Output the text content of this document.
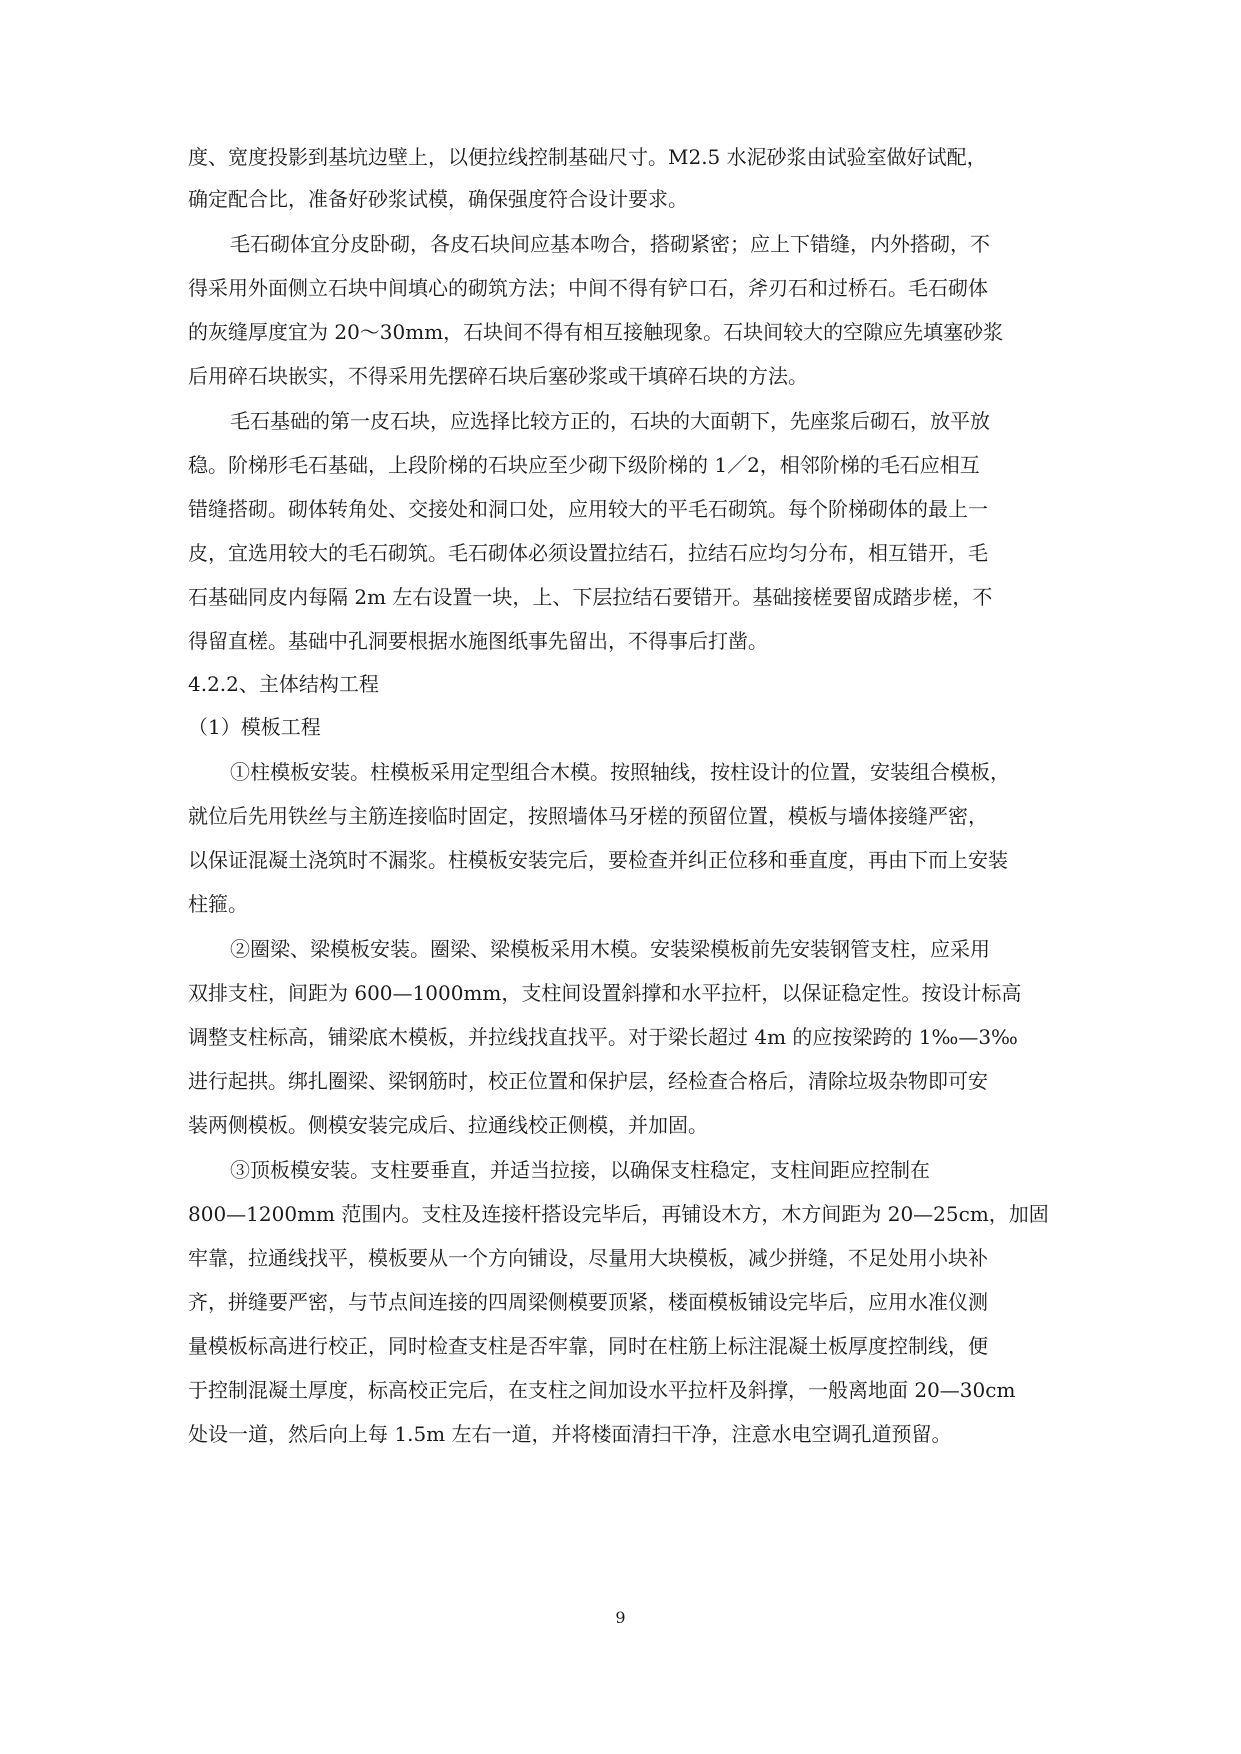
度、宽度投影到基坑边壁上，以便拉线控制基础尺寸。M2.5 水泥砂浆由试验室做好试配，
确定配合比，准备好砂浆试模，确保强度符合设计要求。
毛石砌体宜分皮卧砌，各皮石块间应基本吻合，搭砌紧密；应上下错缝，内外搭砌，不
得采用外面侧立石块中间填心的砌筑方法；中间不得有铲口石，斧刃石和过桥石。毛石砌体
的灰缝厚度宜为 20～30mm，石块间不得有相互接触现象。石块间较大的空隙应先填塞砂浆
后用碎石块嵌实，不得采用先摆碎石块后塞砂浆或干填碎石块的方法。
毛石基础的第一皮石块，应选择比较方正的，石块的大面朝下，先座浆后砌石，放平放
稳。阶梯形毛石基础，上段阶梯的石块应至少砌下级阶梯的 1／2，相邻阶梯的毛石应相互
错缝搭砌。砌体转角处、交接处和洞口处，应用较大的平毛石砌筑。每个阶梯砌体的最上一
皮，宜选用较大的毛石砌筑。毛石砌体必须设置拉结石，拉结石应均匀分布，相互错开，毛
石基础同皮内每隔 2m 左右设置一块，上、下层拉结石要错开。基础接槎要留成踏步槎，不
得留直槎。基础中孔洞要根据水施图纸事先留出，不得事后打凿。
4.2.2、主体结构工程
（1）模板工程
①柱模板安装。柱模板采用定型组合木模。按照轴线，按柱设计的位置，安装组合模板，
就位后先用铁丝与主筋连接临时固定，按照墙体马牙槎的预留位置，模板与墙体接缝严密，
以保证混凝土浇筑时不漏浆。柱模板安装完后，要检查并纠正位移和垂直度，再由下而上安装
柱箍。
②圈梁、梁模板安装。圈梁、梁模板采用木模。安装梁模板前先安装钢管支柱，应采用
双排支柱，间距为 600—1000mm，支柱间设置斜撑和水平拉杆，以保证稳定性。按设计标高
调整支柱标高，铺梁底木模板，并拉线找直找平。对于梁长超过 4m 的应按梁跨的 1‰—3‰
进行起拱。绑扎圈梁、梁钢筋时，校正位置和保护层，经检查合格后，清除垃圾杂物即可安
装两侧模板。侧模安装完成后、拉通线校正侧模，并加固。
③顶板模安装。支柱要垂直，并适当拉接，以确保支柱稳定，支柱间距应控制在
800—1200mm 范围内。支柱及连接杆搭设完毕后，再铺设木方，木方间距为 20—25cm，加固
牢靠，拉通线找平，模板要从一个方向铺设，尽量用大块模板，减少拼缝，不足处用小块补
齐，拼缝要严密，与节点间连接的四周梁侧模要顶紧，楼面模板铺设完毕后，应用水准仪测
量模板标高进行校正，同时检查支柱是否牢靠，同时在柱筋上标注混凝土板厚度控制线，便
于控制混凝土厚度，标高校正完后，在支柱之间加设水平拉杆及斜撑，一般离地面 20—30cm
处设一道，然后向上每 1.5m 左右一道，并将楼面清扫干净，注意水电空调孔道预留。
9
